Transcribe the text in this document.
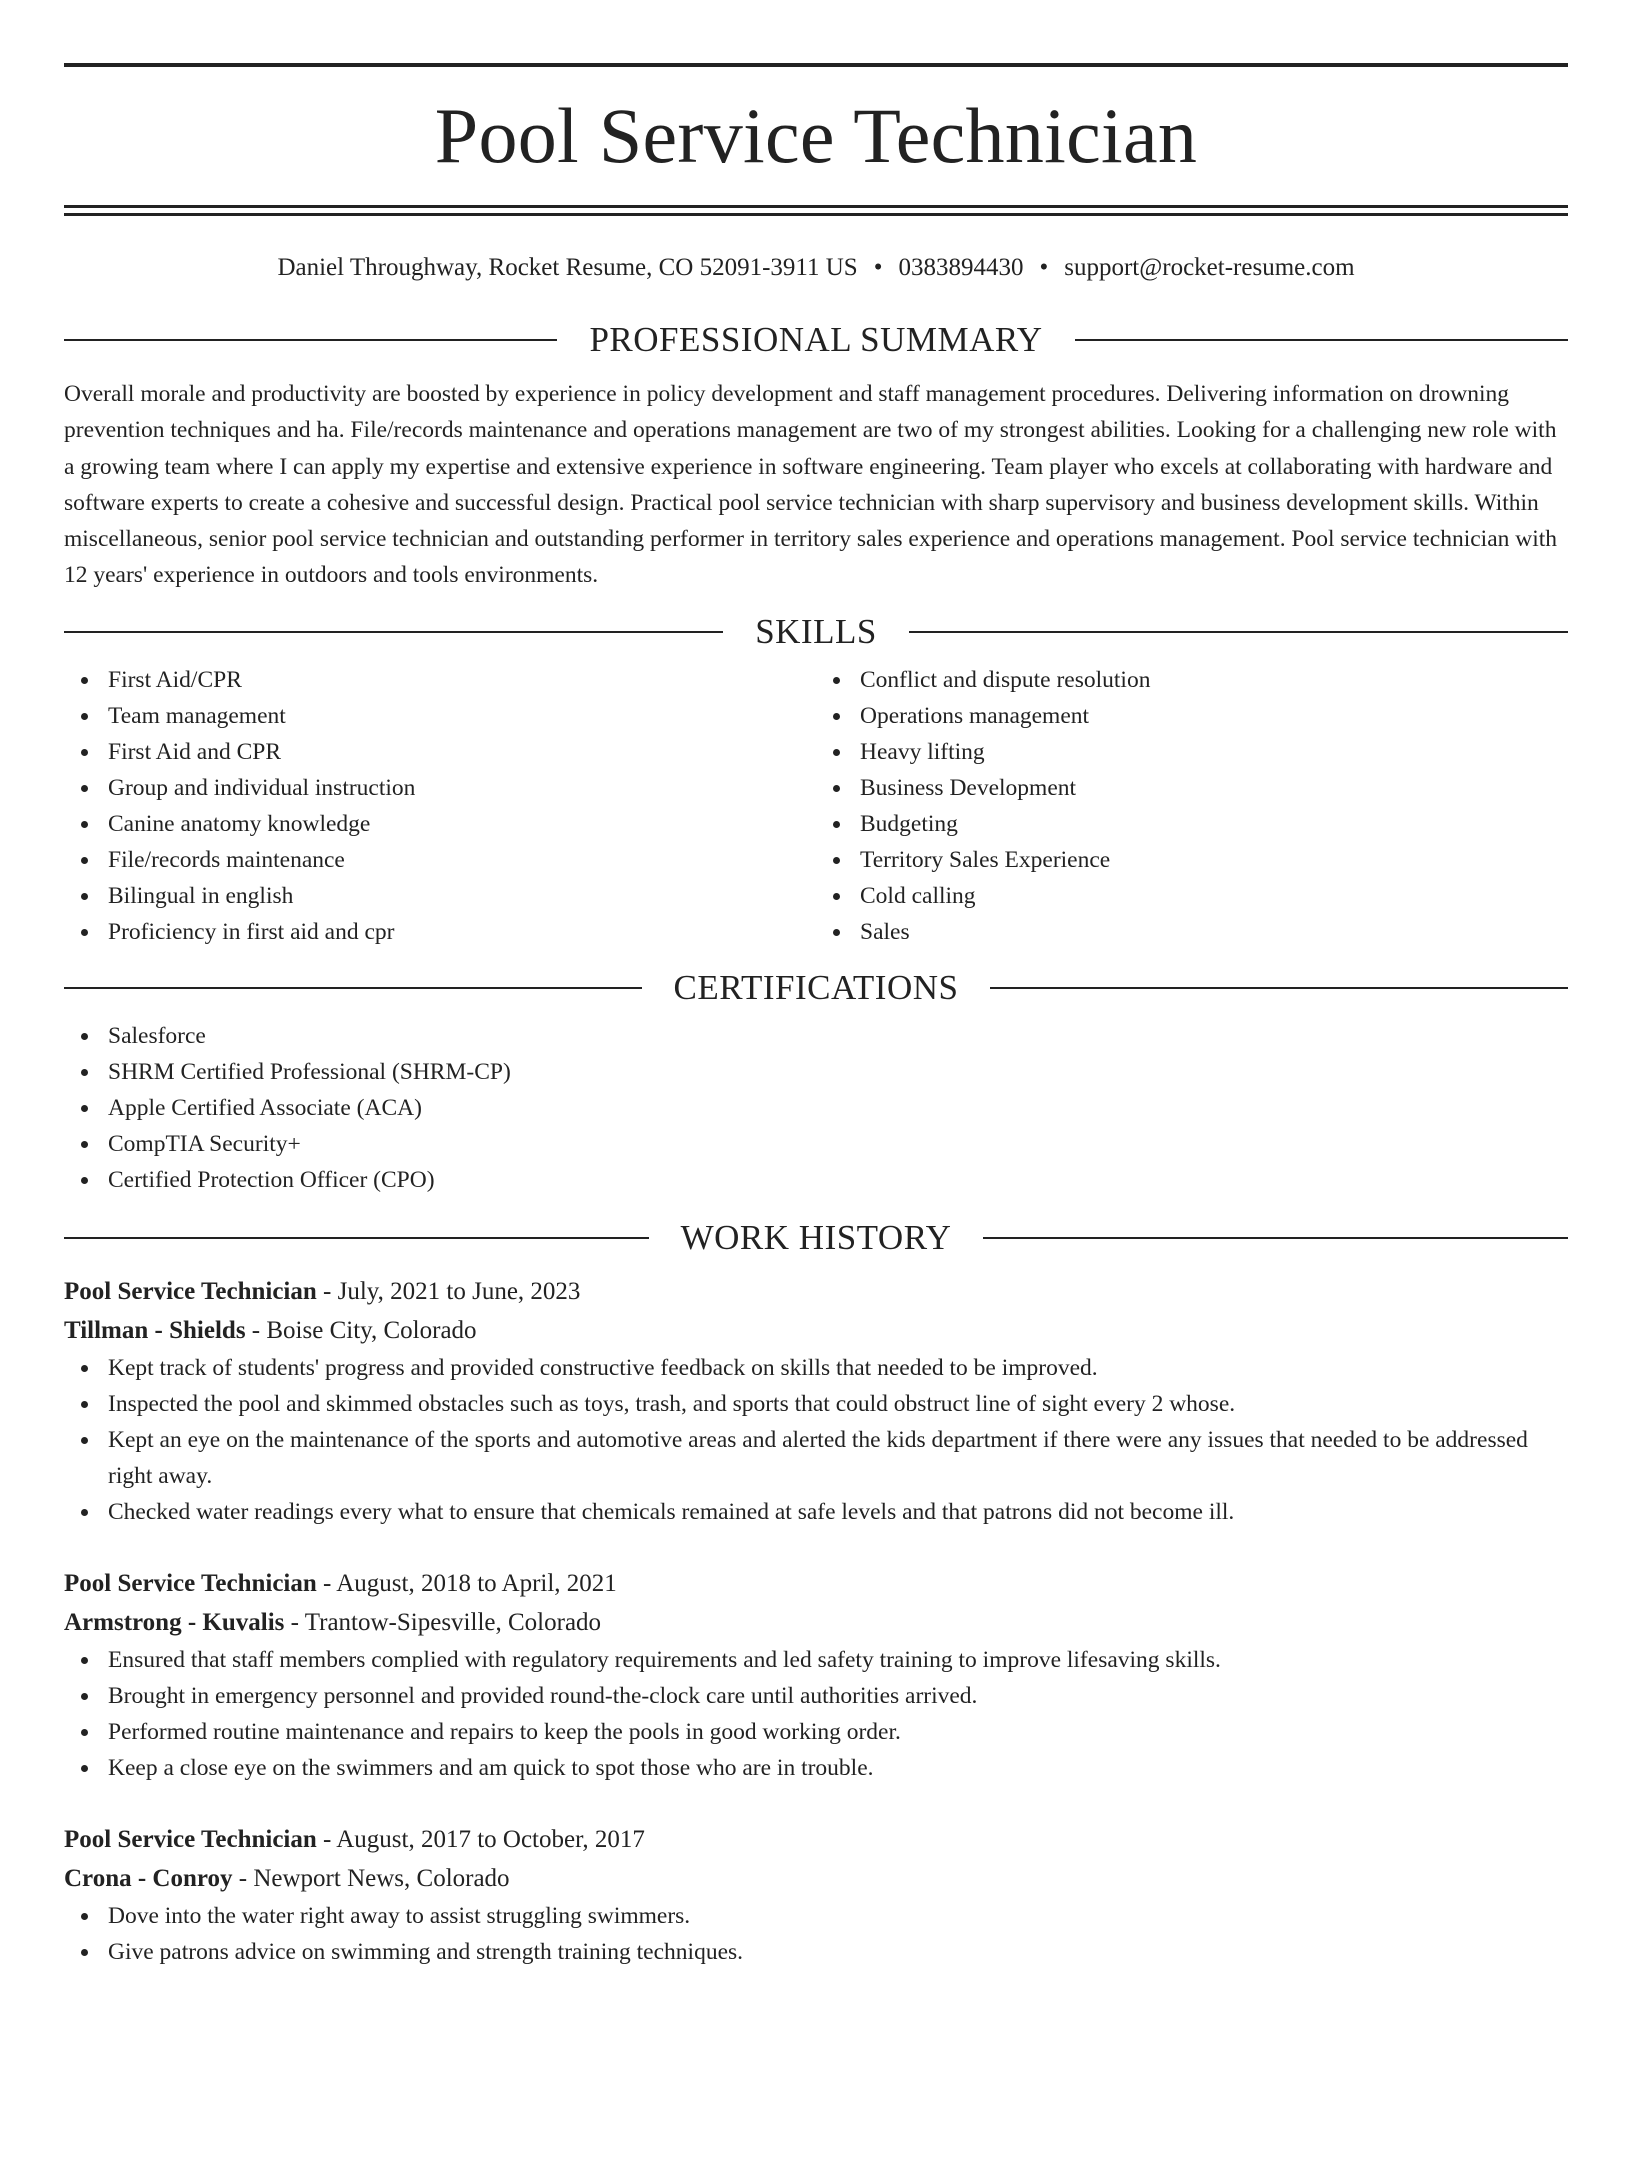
Pool Service Technician
Daniel Throughway, Rocket Resume, CO 52091-3911 US • 0383894430 • support@rocket-resume.com
PROFESSIONAL SUMMARY
Overall morale and productivity are boosted by experience in policy development and staff management procedures. Delivering information on drowning prevention techniques and ha. File/records maintenance and operations management are two of my strongest abilities. Looking for a challenging new role with a growing team where I can apply my expertise and extensive experience in software engineering. Team player who excels at collaborating with hardware and software experts to create a cohesive and successful design. Practical pool service technician with sharp supervisory and business development skills. Within miscellaneous, senior pool service technician and outstanding performer in territory sales experience and operations management. Pool service technician with 12 years' experience in outdoors and tools environments.
SKILLS
First Aid/CPR
Team management
First Aid and CPR
Group and individual instruction
Canine anatomy knowledge
File/records maintenance
Bilingual in english
Proficiency in first aid and cpr
Conflict and dispute resolution
Operations management
Heavy lifting
Business Development
Budgeting
Territory Sales Experience
Cold calling
Sales
CERTIFICATIONS
Salesforce
SHRM Certified Professional (SHRM-CP)
Apple Certified Associate (ACA)
CompTIA Security+
Certified Protection Officer (CPO)
WORK HISTORY
Pool Service Technician - July, 2021 to June, 2023
Tillman - Shields - Boise City, Colorado
Kept track of students' progress and provided constructive feedback on skills that needed to be improved.
Inspected the pool and skimmed obstacles such as toys, trash, and sports that could obstruct line of sight every 2 whose.
Kept an eye on the maintenance of the sports and automotive areas and alerted the kids department if there were any issues that needed to be addressed right away.
Checked water readings every what to ensure that chemicals remained at safe levels and that patrons did not become ill.
Pool Service Technician - August, 2018 to April, 2021
Armstrong - Kuvalis - Trantow-Sipesville, Colorado
Ensured that staff members complied with regulatory requirements and led safety training to improve lifesaving skills.
Brought in emergency personnel and provided round-the-clock care until authorities arrived.
Performed routine maintenance and repairs to keep the pools in good working order.
Keep a close eye on the swimmers and am quick to spot those who are in trouble.
Pool Service Technician - August, 2017 to October, 2017
Crona - Conroy - Newport News, Colorado
Dove into the water right away to assist struggling swimmers.
Give patrons advice on swimming and strength training techniques.
